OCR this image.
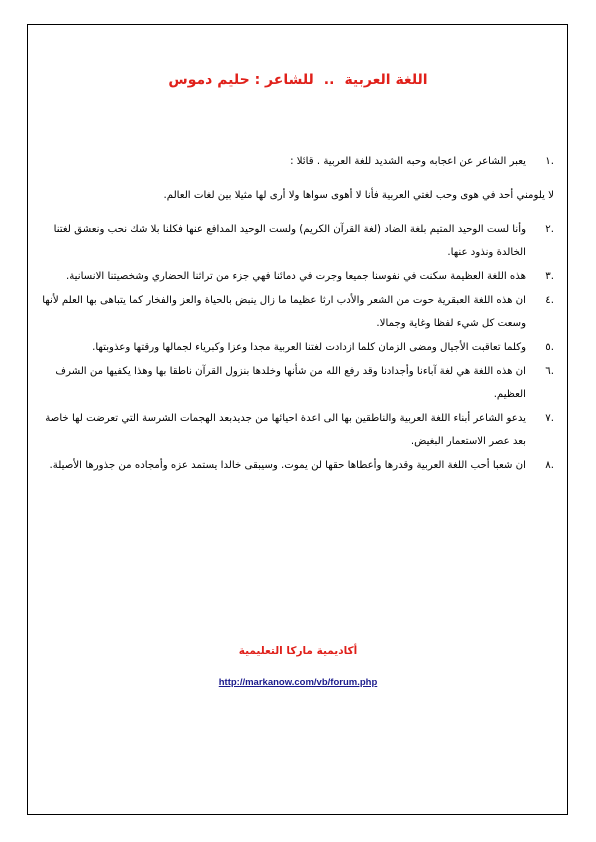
اللغة العربية..للشاعر : حليم دموس
.١
يعبر الشاعر عن اعجابه وحبه الشديد للغة العربية . قائلا :

لا يلومني أحد في هوى وحب لغتي العربية فأنا لا أهوى سواها ولا أرى لها مثيلا بين لغات العالم.

.٢
وأنا لست الوحيد المتيم بلغة الضاد (لغة القرآن الكريم) ولست الوحيد المدافع عنها فكلنا بلا شك نحب ونعشق لغتنا الخالدة ونذود عنها.
.٣
هذه اللغة العظيمة سكنت في نفوسنا جميعا وجرت في دمائنا فهي جزء من تراثنا الحضاري وشخصيتنا الانسانية.
.٤
ان هذه اللغة العبقرية حوت من الشعر والأدب ارثا عظيما ما زال ينبض بالحياة والعز والفخار كما يتباهى بها العلم لأنها وسعت كل شيء لفظا وغاية وجمالا.
.٥
وكلما تعاقبت الأجيال ومضى الزمان كلما ازدادت لغتنا العربية مجدا وعزا وكبرياء لجمالها ورقتها وعذوبتها.
.٦
ان هذه اللغة هي لغة آباءنا وأجدادنا وقد رفع الله من شأنها وخلدها بنزول القرآن ناطقا بها وهذا يكفيها من الشرف العظيم.
.٧
يدعو الشاعر أبناء اللغة العربية والناطقين بها الى اعدة احيائها من جديدبعد الهجمات الشرسة التي تعرضت لها خاصة بعد عصر الاستعمار البغيض.
.٨
ان شعبا أحب اللغة العربية وقدرها وأعطاها حقها لن يموت. وسيبقى خالدا يستمد عزه وأمجاده من جذورها الأصيلة.
أكاديمية ماركا التعليمية
http://markanow.com/vb/forum.php
